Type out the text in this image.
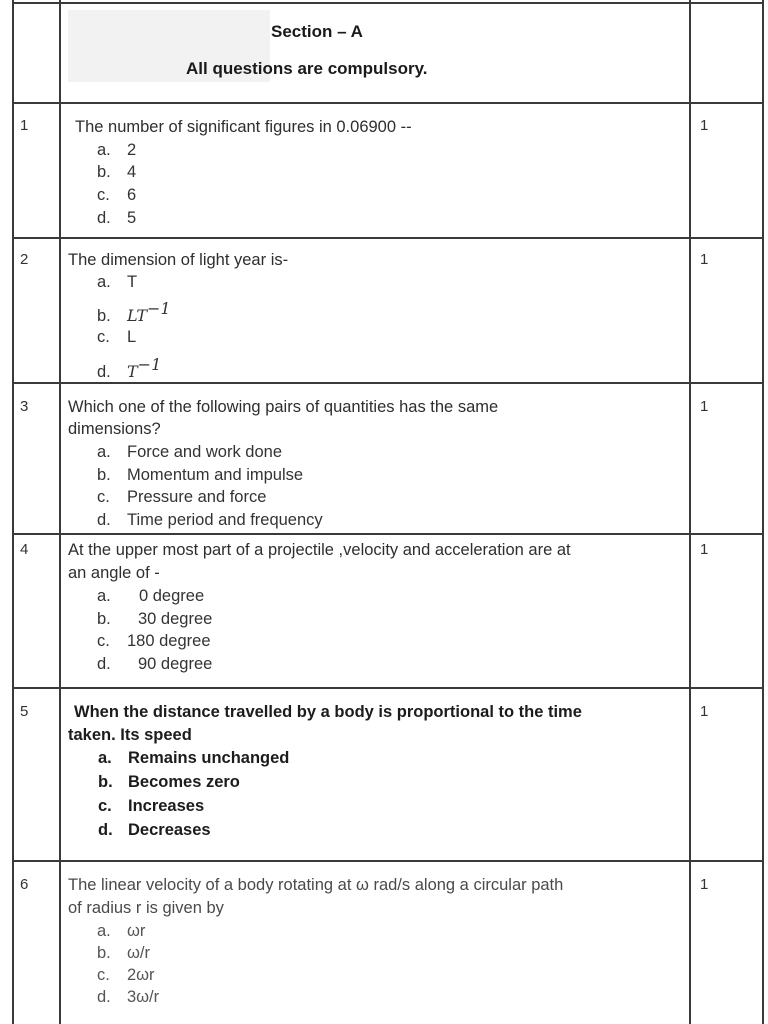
Section – A
All questions are compulsory.
1	The number of significant figures in 0.06900 --
a. 2
b. 4
c. 6
d. 5
1
2 The dimension of light year is-
a. T
b. $LT^{-1}$
c. L
d. $T^{-1}$
1
3 Which one of the following pairs of quantities has the same
dimensions?
a. Force and work done
b. Momentum and impulse
c. Pressure and force
d. Time period and frequency
1
4 At the upper most part of a projectile ,velocity and acceleration are at
an angle of -
a. 0 degree
b. 30 degree
c. 180 degree
d. 90 degree
1
5	When the distance travelled by a body is proportional to the time
taken. Its speed
a. Remains unchanged
b. Becomes zero
c. Increases
d. Decreases
1
6 The linear velocity of a body rotating at ω rad/s along a circular path
of radius r is given by
a. ωr
b. ω/r
c. 2ωr
d. 3ω/r
1
